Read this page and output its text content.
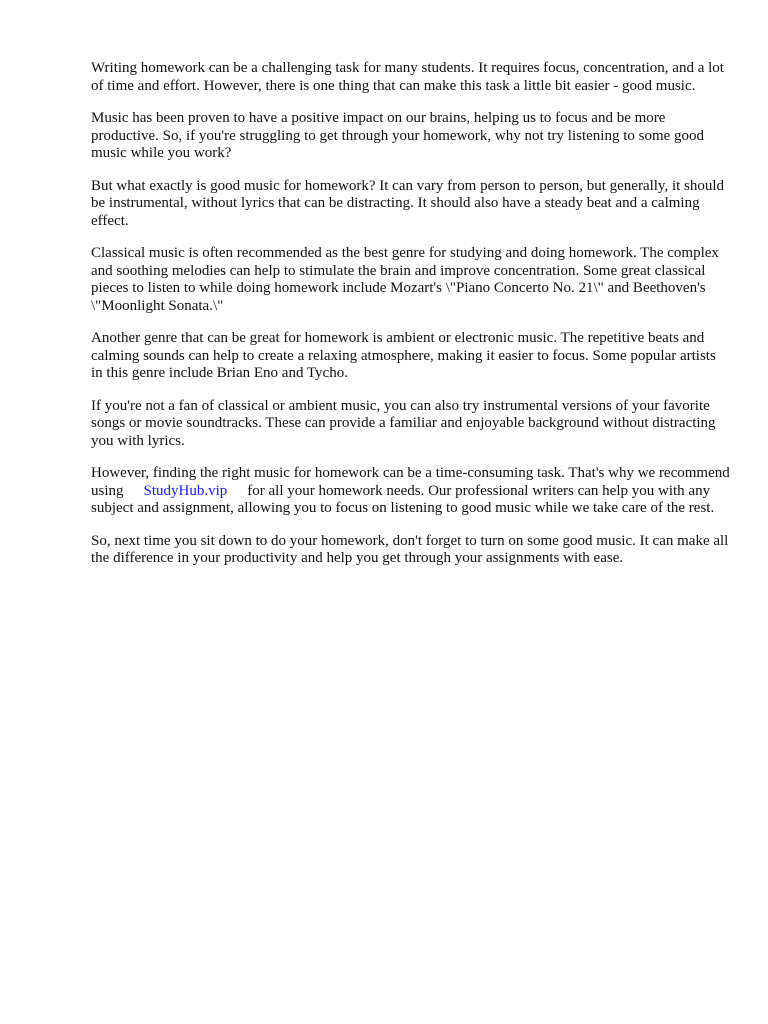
Writing homework can be a challenging task for many students. It requires focus, concentration, and a lot of time and effort. However, there is one thing that can make this task a little bit easier - good music.

Music has been proven to have a positive impact on our brains, helping us to focus and be more productive. So, if you're struggling to get through your homework, why not try listening to some good music while you work?

But what exactly is good music for homework? It can vary from person to person, but generally, it should be instrumental, without lyrics that can be distracting. It should also have a steady beat and a calming effect.

Classical music is often recommended as the best genre for studying and doing homework. The complex and soothing melodies can help to stimulate the brain and improve concentration. Some great classical pieces to listen to while doing homework include Mozart's \"Piano Concerto No. 21\" and Beethoven's \"Moonlight Sonata.\"

Another genre that can be great for homework is ambient or electronic music. The repetitive beats and calming sounds can help to create a relaxing atmosphere, making it easier to focus. Some popular artists in this genre include Brian Eno and Tycho.

If you're not a fan of classical or ambient music, you can also try instrumental versions of your favorite songs or movie soundtracks. These can provide a familiar and enjoyable background without distracting you with lyrics.

However, finding the right music for homework can be a time-consuming task. That's why we recommend using StudyHub.vip for all your homework needs. Our professional writers can help you with any subject and assignment, allowing you to focus on listening to good music while we take care of the rest.

So, next time you sit down to do your homework, don't forget to turn on some good music. It can make all the difference in your productivity and help you get through your assignments with ease.
